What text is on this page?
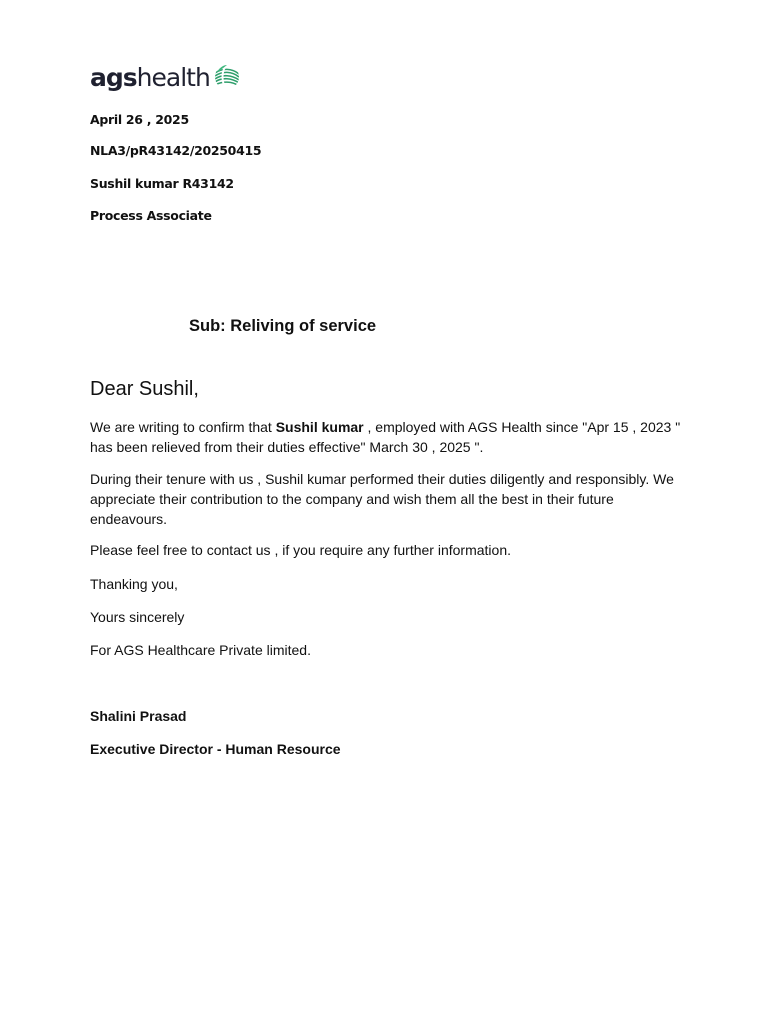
ags health
April 26 , 2025
NLA3/pR43142/20250415
Sushil kumar R43142
Process Associate
Sub: Reliving of service
Dear Sushil,
We are writing to confirm that Sushil kumar , employed with AGS Health since "Apr 15 , 2023 "
has been relieved from their duties effective" March 30 , 2025 ".
During their tenure with us , Sushil kumar performed their duties diligently and responsibly. We
appreciate their contribution to the company and wish them all the best in their future
endeavours.
Please feel free to contact us , if you require any further information.
Thanking you,
Yours sincerely
For AGS Healthcare Private limited.
Shalini Prasad
Executive Director - Human Resource
